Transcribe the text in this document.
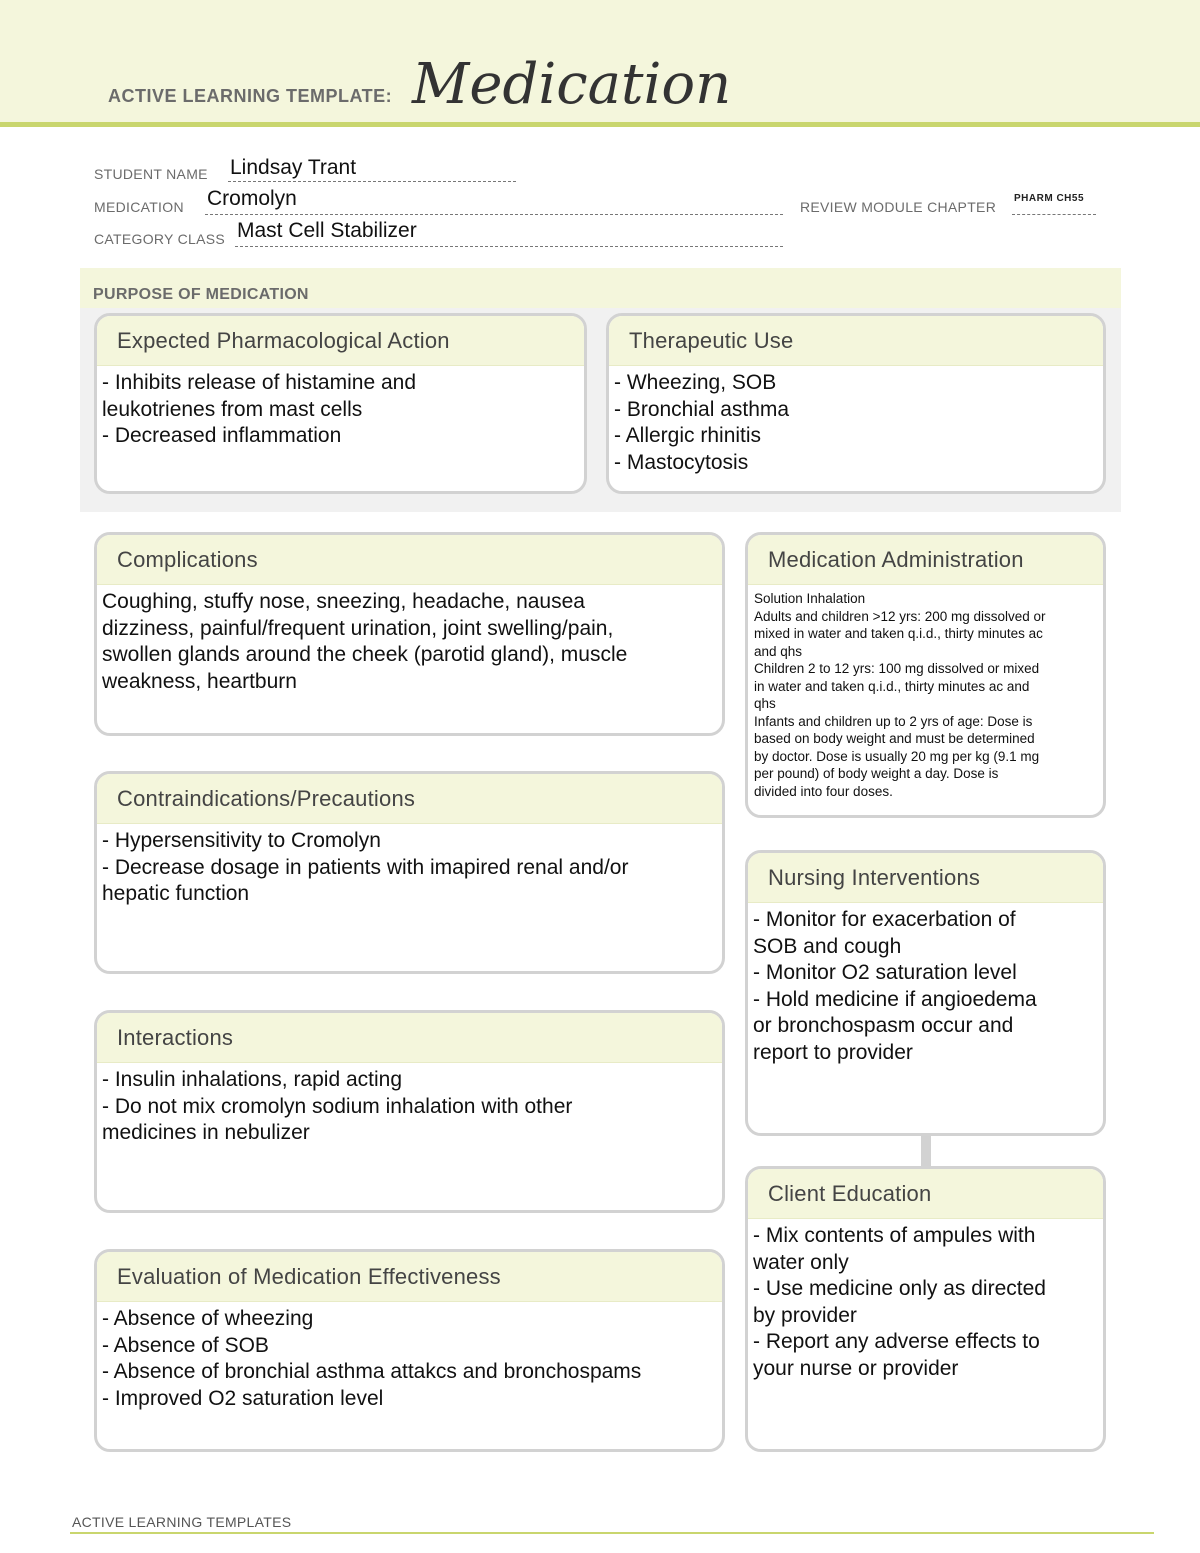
ACTIVE LEARNING TEMPLATE: Medication
STUDENT NAME Lindsay Trant
MEDICATION Cromolyn	REVIEW MODULE CHAPTER
PHARM CH55
CATEGORY CLASS Mast Cell Stabilizer
PURPOSE OF MEDICATION
Expected Pharmacological Action
- Inhibits release of histamine and
leukotrienes from mast cells
- Decreased inflammation
Therapeutic Use
- Wheezing, SOB
- Bronchial asthma
- Allergic rhinitis
- Mastocytosis
Complications
Coughing, stuffy nose, sneezing, headache, nausea
dizziness, painful/frequent urination, joint swelling/pain,
swollen glands around the cheek (parotid gland), muscle
weakness, heartburn
Contraindications/Precautions
- Hypersensitivity to Cromolyn
- Decrease dosage in patients with imapired renal and/or
hepatic function
Interactions
- Insulin inhalations, rapid acting
- Do not mix cromolyn sodium inhalation with other
medicines in nebulizer
Evaluation of Medication Effectiveness
- Absence of wheezing
- Absence of SOB
- Absence of bronchial asthma attakcs and bronchospams
- Improved O2 saturation level
Medication Administration
Solution Inhalation
Adults and children >12 yrs: 200 mg dissolved or
mixed in water and taken q.i.d., thirty minutes ac
and qhs
Children 2 to 12 yrs: 100 mg dissolved or mixed
in water and taken q.i.d., thirty minutes ac and
qhs
Infants and children up to 2 yrs of age: Dose is
based on body weight and must be determined
by doctor. Dose is usually 20 mg per kg (9.1 mg
per pound) of body weight a day. Dose is
divided into four doses.
Nursing Interventions
- Monitor for exacerbation of
SOB and cough
- Monitor O2 saturation level
- Hold medicine if angioedema
or bronchospasm occur and
report to provider
Client Education
- Mix contents of ampules with
water only
- Use medicine only as directed
by provider
- Report any adverse effects to
your nurse or provider
ACTIVE LEARNING TEMPLATES
